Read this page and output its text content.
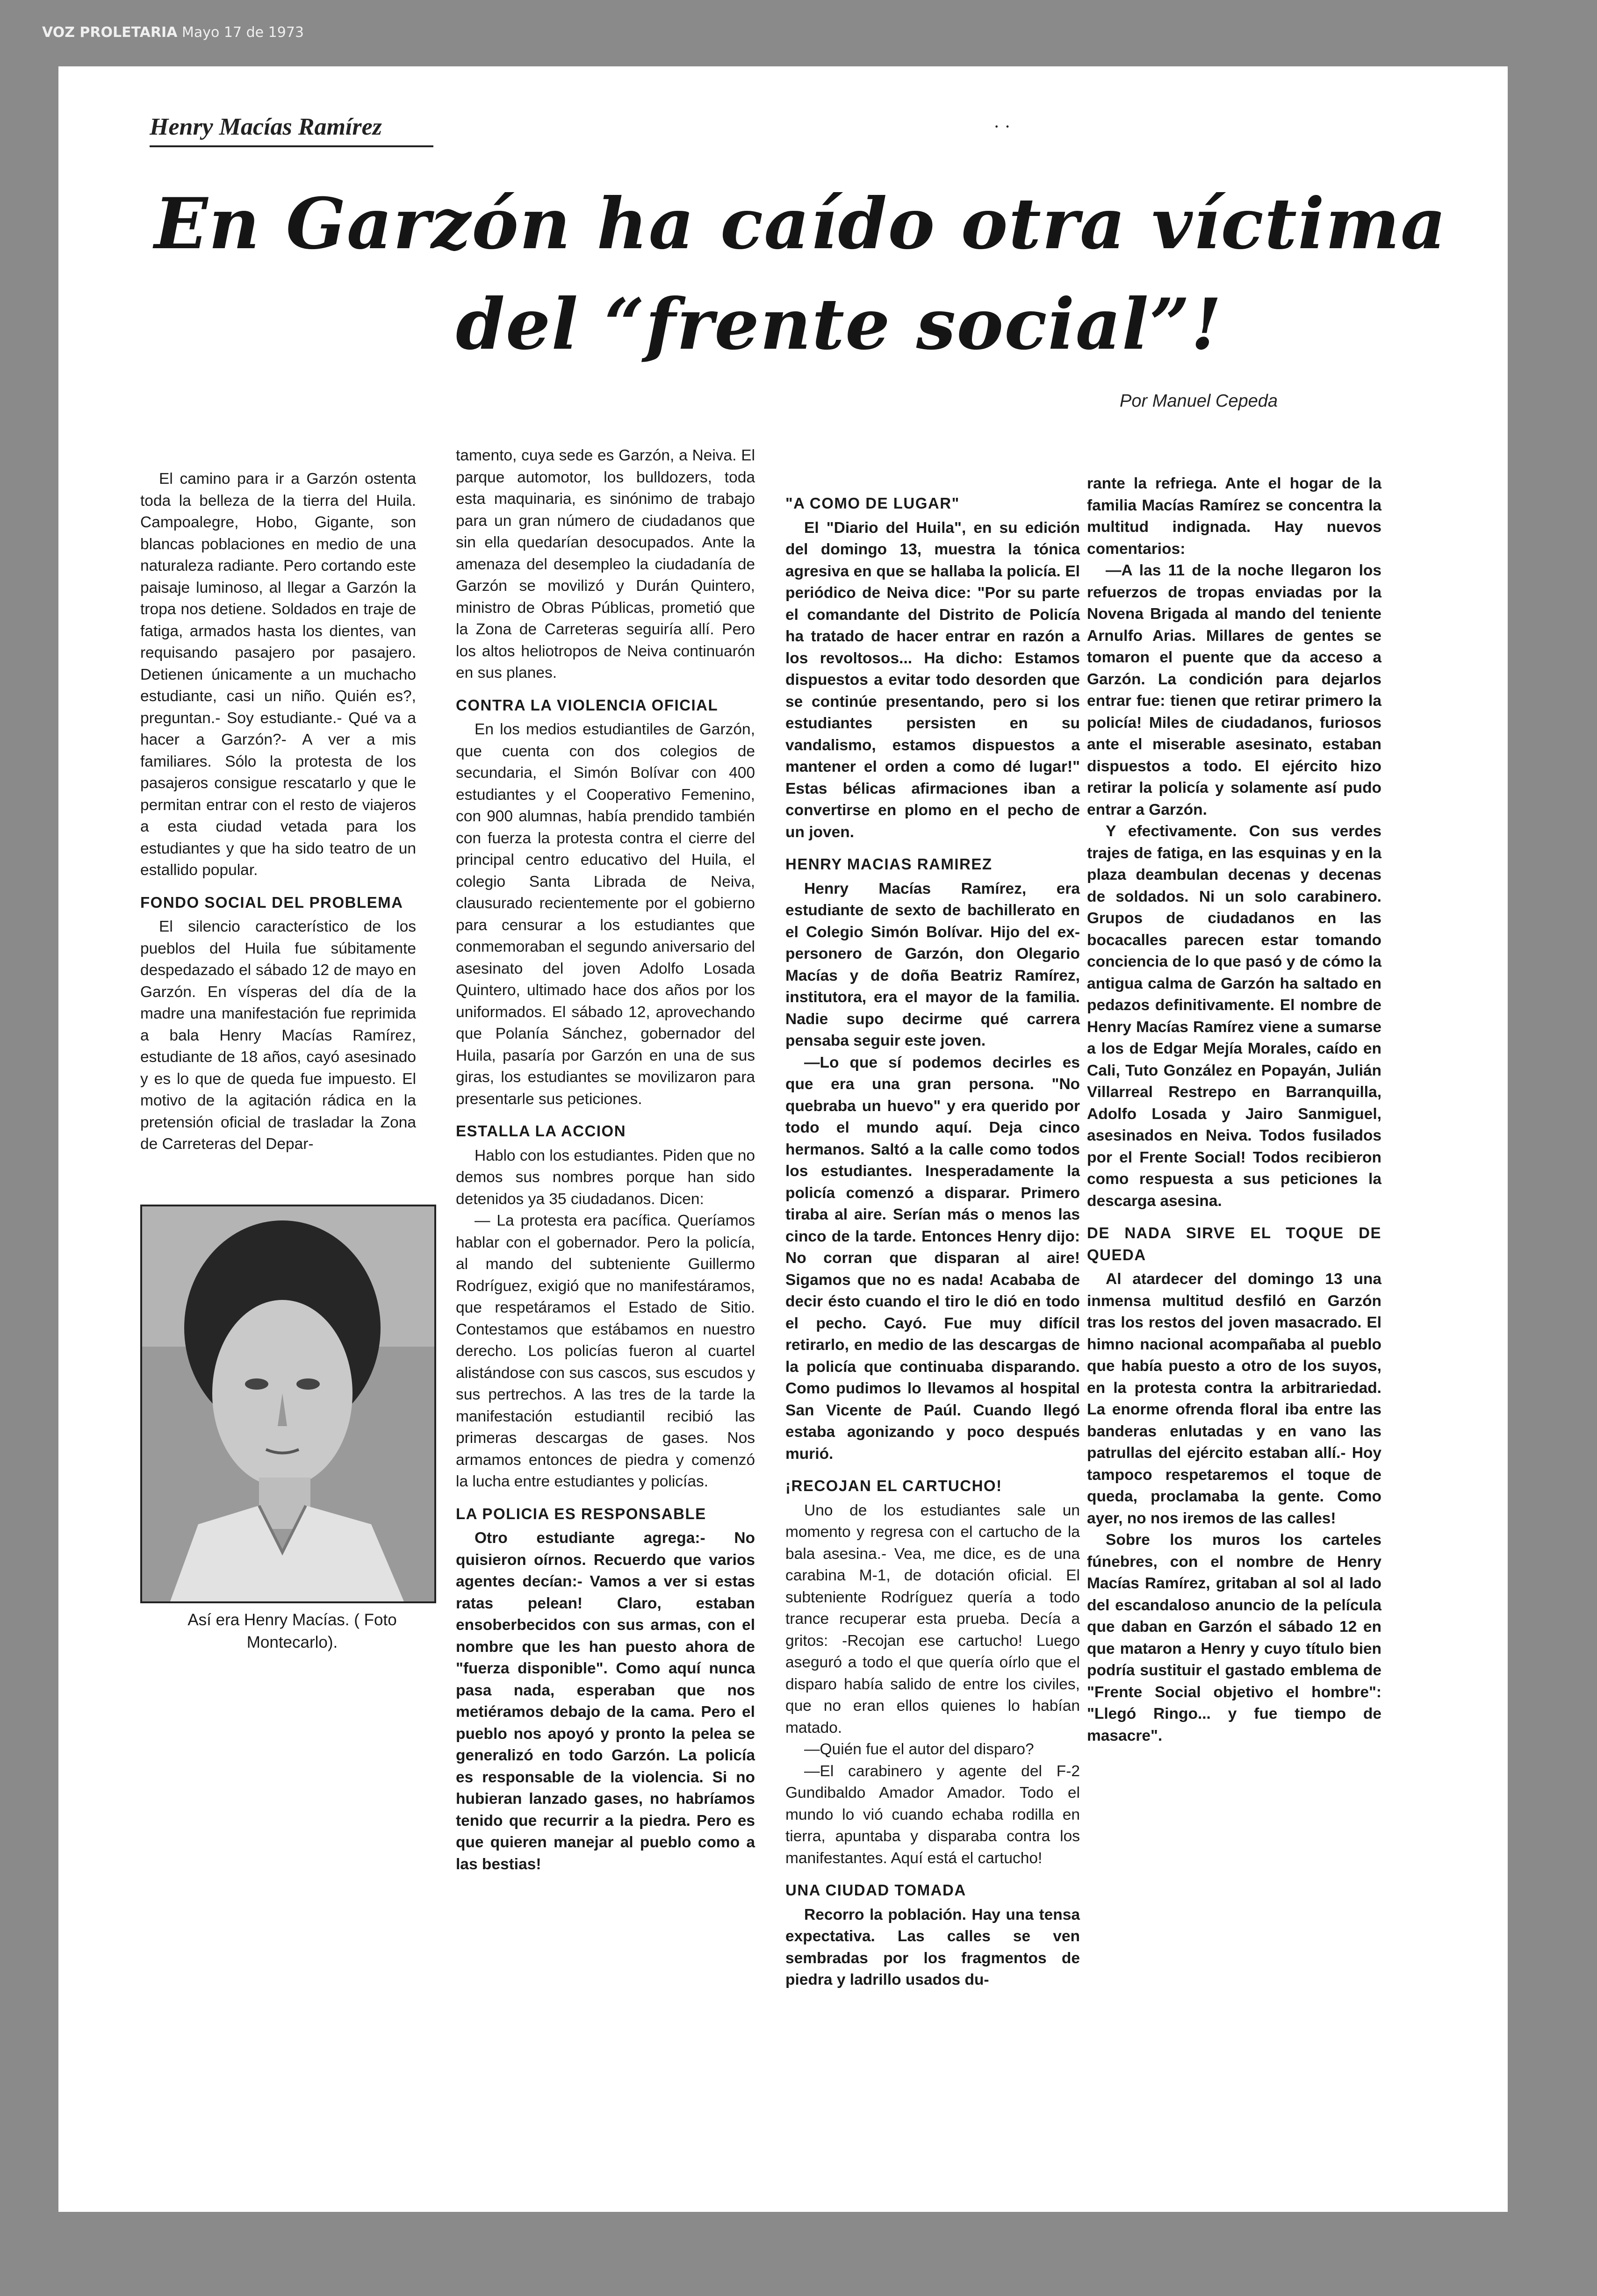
VOZ PROLETARIA Mayo 17 de 1973
Henry Macías Ramírez	· ·
En Garzón ha caído otra víctima
del “frente social”!
Por Manuel Cepeda

El camino para ir a Garzón ostenta toda la belleza de la tierra del Huila. Campoalegre, Hobo, Gigante, son blancas poblaciones en medio de una naturaleza radiante. Pero cortando este paisaje luminoso, al llegar a Garzón la tropa nos detiene. Soldados en traje de fatiga, armados hasta los dientes, van requisando pasajero por pasajero. Detienen únicamente a un muchacho estudiante, casi un niño. Quién es?, preguntan.- Soy estudiante.- Qué va a hacer a Garzón?- A ver a mis familiares. Sólo la protesta de los pasajeros consigue rescatarlo y que le permitan entrar con el resto de viajeros a esta ciudad vetada para los estudiantes y que ha sido teatro de un estallido popular.

FONDO SOCIAL DEL PROBLEMA

El silencio característico de los pueblos del Huila fue súbitamente despedazado el sábado 12 de mayo en Garzón. En vísperas del día de la madre una manifestación fue reprimida a bala Henry Macías Ramírez, estudiante de 18 años, cayó asesinado y es lo que de queda fue impuesto. El motivo de la agitación rádica en la pretensión oficial de trasladar la Zona de Carreteras del Depar-

tamento, cuya sede es Garzón, a Neiva. El parque automotor, los bulldozers, toda esta maquinaria, es sinónimo de trabajo para un gran número de ciudadanos que sin ella quedarían desocupados. Ante la amenaza del desempleo la ciudadanía de Garzón se movilizó y Durán Quintero, ministro de Obras Públicas, prometió que la Zona de Carreteras seguiría allí. Pero los altos heliotropos de Neiva continuarón en sus planes.

CONTRA LA VIOLENCIA OFICIAL

En los medios estudiantiles de Garzón, que cuenta con dos colegios de secundaria, el Simón Bolívar con 400 estudiantes y el Cooperativo Femenino, con 900 alumnas, había prendido también con fuerza la protesta contra el cierre del principal centro educativo del Huila, el colegio Santa Librada de Neiva, clausurado recientemente por el gobierno para censurar a los estudiantes que conmemoraban el segundo aniversario del asesinato del joven Adolfo Losada Quintero, ultimado hace dos años por los uniformados. El sábado 12, aprovechando que Polanía Sánchez, gobernador del Huila, pasaría por Garzón en una de sus giras, los estudiantes se movilizaron para presentarle sus peticiones.

ESTALLA LA ACCION

Hablo con los estudiantes. Piden que no demos sus nombres porque han sido detenidos ya 35 ciudadanos. Dicen:

— La protesta era pacífica. Queríamos hablar con el gobernador. Pero la policía, al mando del subteniente Guillermo Rodríguez, exigió que no manifestáramos, que respetáramos el Estado de Sitio. Contestamos que estábamos en nuestro derecho. Los policías fueron al cuartel alistándose con sus cascos, sus escudos y sus pertrechos. A las tres de la tarde la manifestación estudiantil recibió las primeras descargas de gases. Nos armamos entonces de piedra y comenzó la lucha entre estudiantes y policías.

LA POLICIA ES RESPONSABLE

Otro estudiante agrega:- No quisieron oírnos. Recuerdo que varios agentes decían:- Vamos a ver si estas ratas pelean! Claro, estaban ensoberbecidos con sus armas, con el nombre que les han puesto ahora de "fuerza disponible". Como aquí nunca pasa nada, esperaban que nos metiéramos debajo de la cama. Pero el pueblo nos apoyó y pronto la pelea se generalizó en todo Garzón. La policía es responsable de la violencia. Si no hubieran lanzado gases, no habríamos tenido que recurrir a la piedra. Pero es que quieren manejar al pueblo como a las bestias!

"A COMO DE LUGAR"

El "Diario del Huila", en su edición del domingo 13, muestra la tónica agresiva en que se hallaba la policía. El periódico de Neiva dice: "Por su parte el comandante del Distrito de Policía ha tratado de hacer entrar en razón a los revoltosos... Ha dicho: Estamos dispuestos a evitar todo desorden que se continúe presentando, pero si los estudiantes persisten en su vandalismo, estamos dispuestos a mantener el orden a como dé lugar!" Estas bélicas afirmaciones iban a convertirse en plomo en el pecho de un joven.

HENRY MACIAS RAMIREZ

Henry Macías Ramírez, era estudiante de sexto de bachillerato en el Colegio Simón Bolívar. Hijo del ex-personero de Garzón, don Olegario Macías y de doña Beatriz Ramírez, institutora, era el mayor de la familia. Nadie supo decirme qué carrera pensaba seguir este joven.

—Lo que sí podemos decirles es que era una gran persona. "No quebraba un huevo" y era querido por todo el mundo aquí. Deja cinco hermanos. Saltó a la calle como todos los estudiantes. Inesperadamente la policía comenzó a disparar. Primero tiraba al aire. Serían más o menos las cinco de la tarde. Entonces Henry dijo: No corran que disparan al aire! Sigamos que no es nada! Acababa de decir ésto cuando el tiro le dió en todo el pecho. Cayó. Fue muy difícil retirarlo, en medio de las descargas de la policía que continuaba disparando. Como pudimos lo llevamos al hospital San Vicente de Paúl. Cuando llegó estaba agonizando y poco después murió.

¡RECOJAN EL CARTUCHO!

Uno de los estudiantes sale un momento y regresa con el cartucho de la bala asesina.- Vea, me dice, es de una carabina M-1, de dotación oficial. El subteniente Rodríguez quería a todo trance recuperar esta prueba. Decía a gritos: -Recojan ese cartucho! Luego aseguró a todo el que quería oírlo que el disparo había salido de entre los civiles, que no eran ellos quienes lo habían matado.

—Quién fue el autor del disparo?

—El carabinero y agente del F-2 Gundibaldo Amador Amador. Todo el mundo lo vió cuando echaba rodilla en tierra, apuntaba y disparaba contra los manifestantes. Aquí está el cartucho!

UNA CIUDAD TOMADA

Recorro la población. Hay una tensa expectativa. Las calles se ven sembradas por los fragmentos de piedra y ladrillo usados du-

rante la refriega. Ante el hogar de la familia Macías Ramírez se concentra la multitud indignada. Hay nuevos comentarios:

—A las 11 de la noche llegaron los refuerzos de tropas enviadas por la Novena Brigada al mando del teniente Arnulfo Arias. Millares de gentes se tomaron el puente que da acceso a Garzón. La condición para dejarlos entrar fue: tienen que retirar primero la policía! Miles de ciudadanos, furiosos ante el miserable asesinato, estaban dispuestos a todo. El ejército hizo retirar la policía y solamente así pudo entrar a Garzón.

Y efectivamente. Con sus verdes trajes de fatiga, en las esquinas y en la plaza deambulan decenas y decenas de soldados. Ni un solo carabinero. Grupos de ciudadanos en las bocacalles parecen estar tomando conciencia de lo que pasó y de cómo la antigua calma de Garzón ha saltado en pedazos definitivamente. El nombre de Henry Macías Ramírez viene a sumarse a los de Edgar Mejía Morales, caído en Cali, Tuto González en Popayán, Julián Villarreal Restrepo en Barranquilla, Adolfo Losada y Jairo Sanmiguel, asesinados en Neiva. Todos fusilados por el Frente Social! Todos recibieron como respuesta a sus peticiones la descarga asesina.

DE NADA SIRVE EL TOQUE DE QUEDA

Al atardecer del domingo 13 una inmensa multitud desfiló en Garzón tras los restos del joven masacrado. El himno nacional acompañaba al pueblo que había puesto a otro de los suyos, en la protesta contra la arbitrariedad. La enorme ofrenda floral iba entre las banderas enlutadas y en vano las patrullas del ejército estaban allí.- Hoy tampoco respetaremos el toque de queda, proclamaba la gente. Como ayer, no nos iremos de las calles!

Sobre los muros los carteles fúnebres, con el nombre de Henry Macías Ramírez, gritaban al sol al lado del escandaloso anuncio de la película que daban en Garzón el sábado 12 en que mataron a Henry y cuyo título bien podría sustituir el gastado emblema de "Frente Social objetivo el hombre": "Llegó Ringo... y fue tiempo de masacre".

Así era Henry Macías. ( Foto Montecarlo).
